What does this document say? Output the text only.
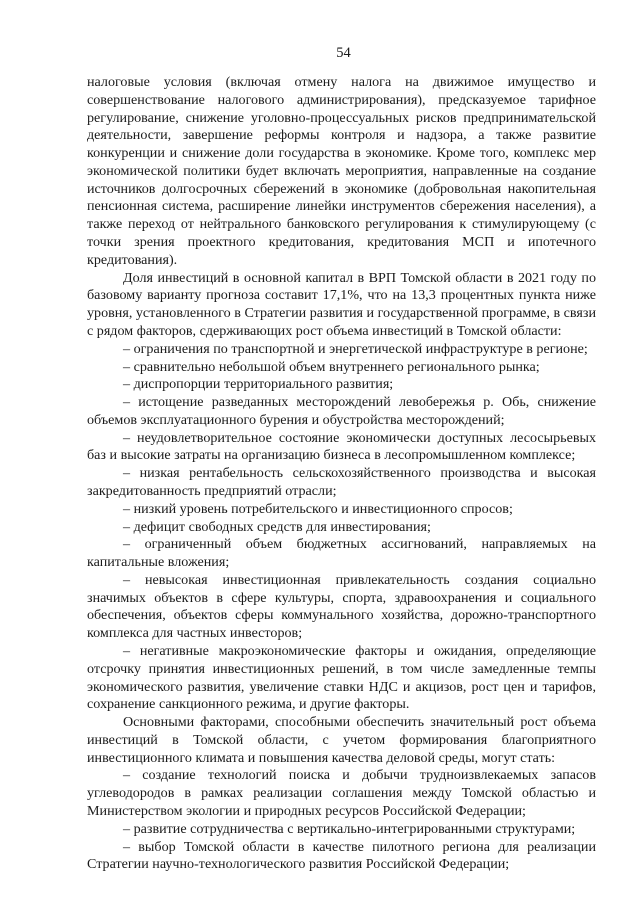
54

налоговые условия (включая отмену налога на движимое имущество и совершенствование налогового администрирования), предсказуемое тарифное регулирование, снижение уголовно-процессуальных рисков предпринимательской деятельности, завершение реформы контроля и надзора, а также развитие конкуренции и снижение доли государства в экономике. Кроме того, комплекс мер экономической политики будет включать мероприятия, направленные на создание источников долгосрочных сбережений в экономике (добровольная накопительная пенсионная система, расширение линейки инструментов сбережения населения), а также переход от нейтрального банковского регулирования к стимулирующему (с точки зрения проектного кредитования, кредитования МСП и ипотечного кредитования).

Доля инвестиций в основной капитал в ВРП Томской области в 2021 году по базовому варианту прогноза составит 17,1%, что на 13,3 процентных пункта ниже уровня, установленного в Стратегии развития и государственной программе, в связи с рядом факторов, сдерживающих рост объема инвестиций в Томской области:

– ограничения по транспортной и энергетической инфраструктуре в регионе;

– сравнительно небольшой объем внутреннего регионального рынка;

– диспропорции территориального развития;

– истощение разведанных месторождений левобережья р. Обь, снижение объемов эксплуатационного бурения и обустройства месторождений;

– неудовлетворительное состояние экономически доступных лесосырьевых баз и высокие затраты на организацию бизнеса в лесопромышленном комплексе;

– низкая рентабельность сельскохозяйственного производства и высокая закредитованность предприятий отрасли;

– низкий уровень потребительского и инвестиционного спросов;

– дефицит свободных средств для инвестирования;

– ограниченный объем бюджетных ассигнований, направляемых на капитальные вложения;

– невысокая инвестиционная привлекательность создания социально значимых объектов в сфере культуры, спорта, здравоохранения и социального обеспечения, объектов сферы коммунального хозяйства, дорожно-транспортного комплекса для частных инвесторов;

– негативные макроэкономические факторы и ожидания, определяющие отсрочку принятия инвестиционных решений, в том числе замедленные темпы экономического развития, увеличение ставки НДС и акцизов, рост цен и тарифов, сохранение санкционного режима, и другие факторы.

Основными факторами, способными обеспечить значительный рост объема инвестиций в Томской области, с учетом формирования благоприятного инвестиционного климата и повышения качества деловой среды, могут стать:

– создание технологий поиска и добычи трудноизвлекаемых запасов углеводородов в рамках реализации соглашения между Томской областью и Министерством экологии и природных ресурсов Российской Федерации;

– развитие сотрудничества с вертикально-интегрированными структурами;

– выбор Томской области в качестве пилотного региона для реализации Стратегии научно-технологического развития Российской Федерации;
